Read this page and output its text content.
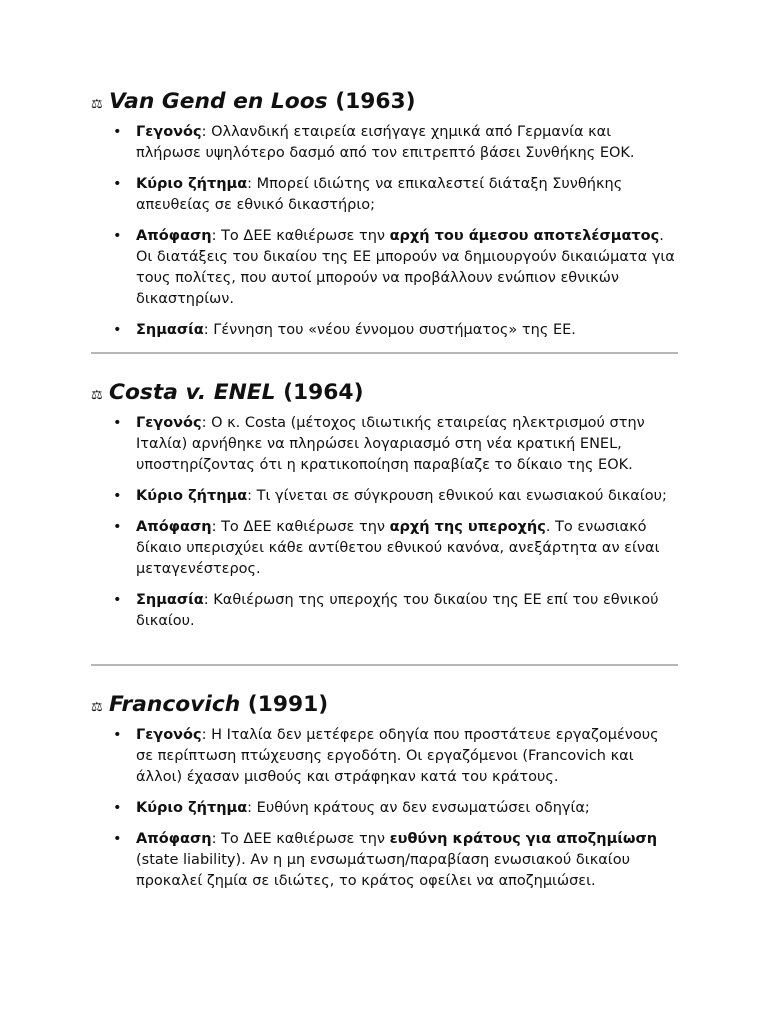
⚖ Van Gend en Loos (1963)
• Γεγονός: Ολλανδική εταιρεία εισήγαγε χημικά από Γερμανία και πλήρωσε υψηλότερο δασμό από τον επιτρεπτό βάσει Συνθήκης ΕΟΚ.
• Κύριο ζήτημα: Μπορεί ιδιώτης να επικαλεστεί διάταξη Συνθήκης απευθείας σε εθνικό δικαστήριο;
• Απόφαση: Το ΔΕΕ καθιέρωσε την αρχή του άμεσου αποτελέσματος. Οι διατάξεις του δικαίου της ΕΕ μπορούν να δημιουργούν δικαιώματα για τους πολίτες, που αυτοί μπορούν να προβάλλουν ενώπιον εθνικών δικαστηρίων.
• Σημασία: Γέννηση του «νέου έννομου συστήματος» της ΕΕ.
⚖ Costa v. ENEL (1964)
• Γεγονός: Ο κ. Costa (μέτοχος ιδιωτικής εταιρείας ηλεκτρισμού στην Ιταλία) αρνήθηκε να πληρώσει λογαριασμό στη νέα κρατική ENEL, υποστηρίζοντας ότι η κρατικοποίηση παραβίαζε το δίκαιο της ΕΟΚ.
• Κύριο ζήτημα: Τι γίνεται σε σύγκρουση εθνικού και ενωσιακού δικαίου;
• Απόφαση: Το ΔΕΕ καθιέρωσε την αρχή της υπεροχής. Το ενωσιακό δίκαιο υπερισχύει κάθε αντίθετου εθνικού κανόνα, ανεξάρτητα αν είναι μεταγενέστερος.
• Σημασία: Καθιέρωση της υπεροχής του δικαίου της ΕΕ επί του εθνικού δικαίου.
⚖ Francovich (1991)
• Γεγονός: Η Ιταλία δεν μετέφερε οδηγία που προστάτευε εργαζομένους σε περίπτωση πτώχευσης εργοδότη. Οι εργαζόμενοι (Francovich και άλλοι) έχασαν μισθούς και στράφηκαν κατά του κράτους.
• Κύριο ζήτημα: Ευθύνη κράτους αν δεν ενσωματώσει οδηγία;
• Απόφαση: Το ΔΕΕ καθιέρωσε την ευθύνη κράτους για αποζημίωση (state liability). Αν η μη ενσωμάτωση/παραβίαση ενωσιακού δικαίου προκαλεί ζημία σε ιδιώτες, το κράτος οφείλει να αποζημιώσει.
